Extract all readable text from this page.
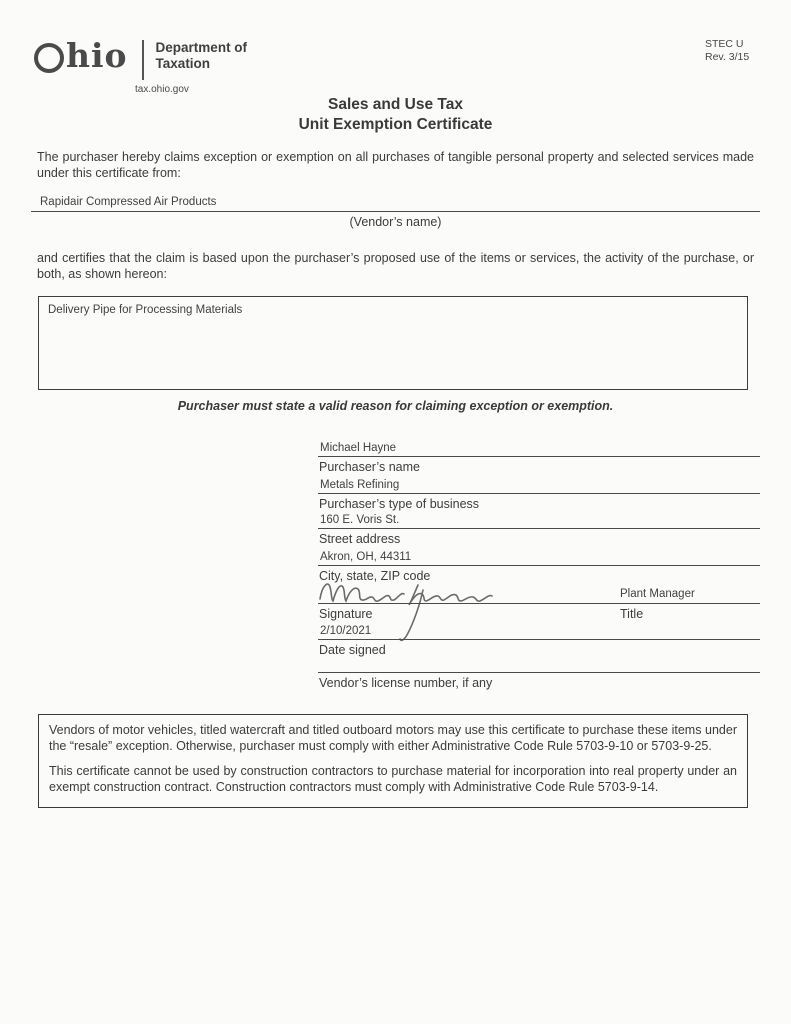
hio Department of
Taxation
tax.ohio.gov
STEC U
Rev. 3/15
Sales and Use Tax
Unit Exemption Certificate
The purchaser hereby claims exception or exemption on all purchases of tangible personal property and selected services made under this certificate from:
Rapidair Compressed Air Products
(Vendor’s name)
and certifies that the claim is based upon the purchaser’s proposed use of the items or services, the activity of the purchase, or both, as shown hereon:
Delivery Pipe for Processing Materials
Purchaser must state a valid reason for claiming exception or exemption.
Michael Hayne
Purchaser’s name
Metals Refining
Purchaser’s type of business
160 E. Voris St.
Street address
Akron, OH, 44311
City, state, ZIP code
Plant Manager
Signature	Title
2/10/2021
Date signed
Vendor’s license number, if any

Vendors of motor vehicles, titled watercraft and titled outboard motors may use this certificate to purchase these items under the “resale” exception. Otherwise, purchaser must comply with either Administrative Code Rule 5703-9-10 or 5703-9-25.

This certificate cannot be used by construction contractors to purchase material for incorporation into real property under an exempt construction contract. Construction contractors must comply with Administrative Code Rule 5703-9-14.
